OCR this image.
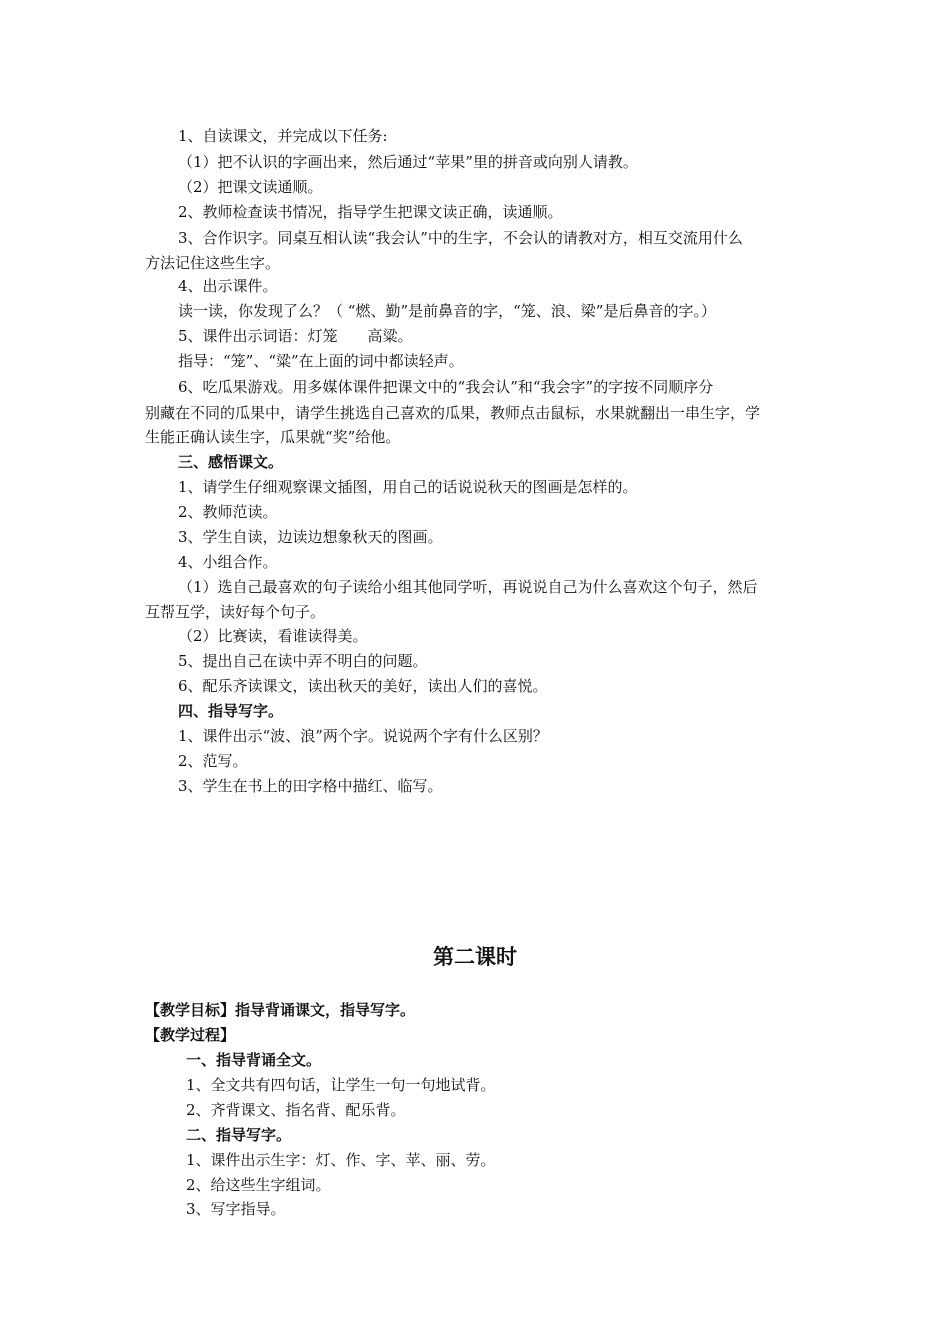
1、自读课文，并完成以下任务:
（1）把不认识的字画出来，然后通过“苹果”里的拼音或向别人请教。
（2）把课文读通顺。
2、教师检查读书情况，指导学生把课文读正确，读通顺。
3、合作识字。同桌互相认读“我会认”中的生字，不会认的请教对方，相互交流用什么
方法记住这些生字。
4、出示课件。
读一读，你发现了么？（ “燃、勤”是前鼻音的字，“笼、浪、梁”是后鼻音的字。）
5、课件出示词语：灯笼　　高粱。
指导：“笼”、“粱”在上面的词中都读轻声。
6、吃瓜果游戏。用多媒体课件把课文中的“我会认”和“我会字”的字按不同顺序分
别藏在不同的瓜果中，请学生挑选自己喜欢的瓜果，教师点击鼠标，水果就翻出一串生字，学
生能正确认读生字，瓜果就“奖”给他。
三、感悟课文。
1、请学生仔细观察课文插图，用自己的话说说秋天的图画是怎样的。
2、教师范读。
3、学生自读，边读边想象秋天的图画。
4、小组合作。
（1）选自己最喜欢的句子读给小组其他同学听，再说说自己为什么喜欢这个句子，然后
互帮互学，读好每个句子。
（2）比赛读，看谁读得美。
5、提出自己在读中弄不明白的问题。
6、配乐齐读课文，读出秋天的美好，读出人们的喜悦。
四、指导写字。
1、课件出示“波、浪”两个字。说说两个字有什么区别？
2、范写。
3、学生在书上的田字格中描红、临写。
第二课时
【教学目标】指导背诵课文，指导写字。
【教学过程】
一、指导背诵全文。
1、全文共有四句话，让学生一句一句地试背。
2、齐背课文、指名背、配乐背。
二、指导写字。
1、课件出示生字：灯、作、字、苹、丽、劳。
2、给这些生字组词。
3、写字指导。
